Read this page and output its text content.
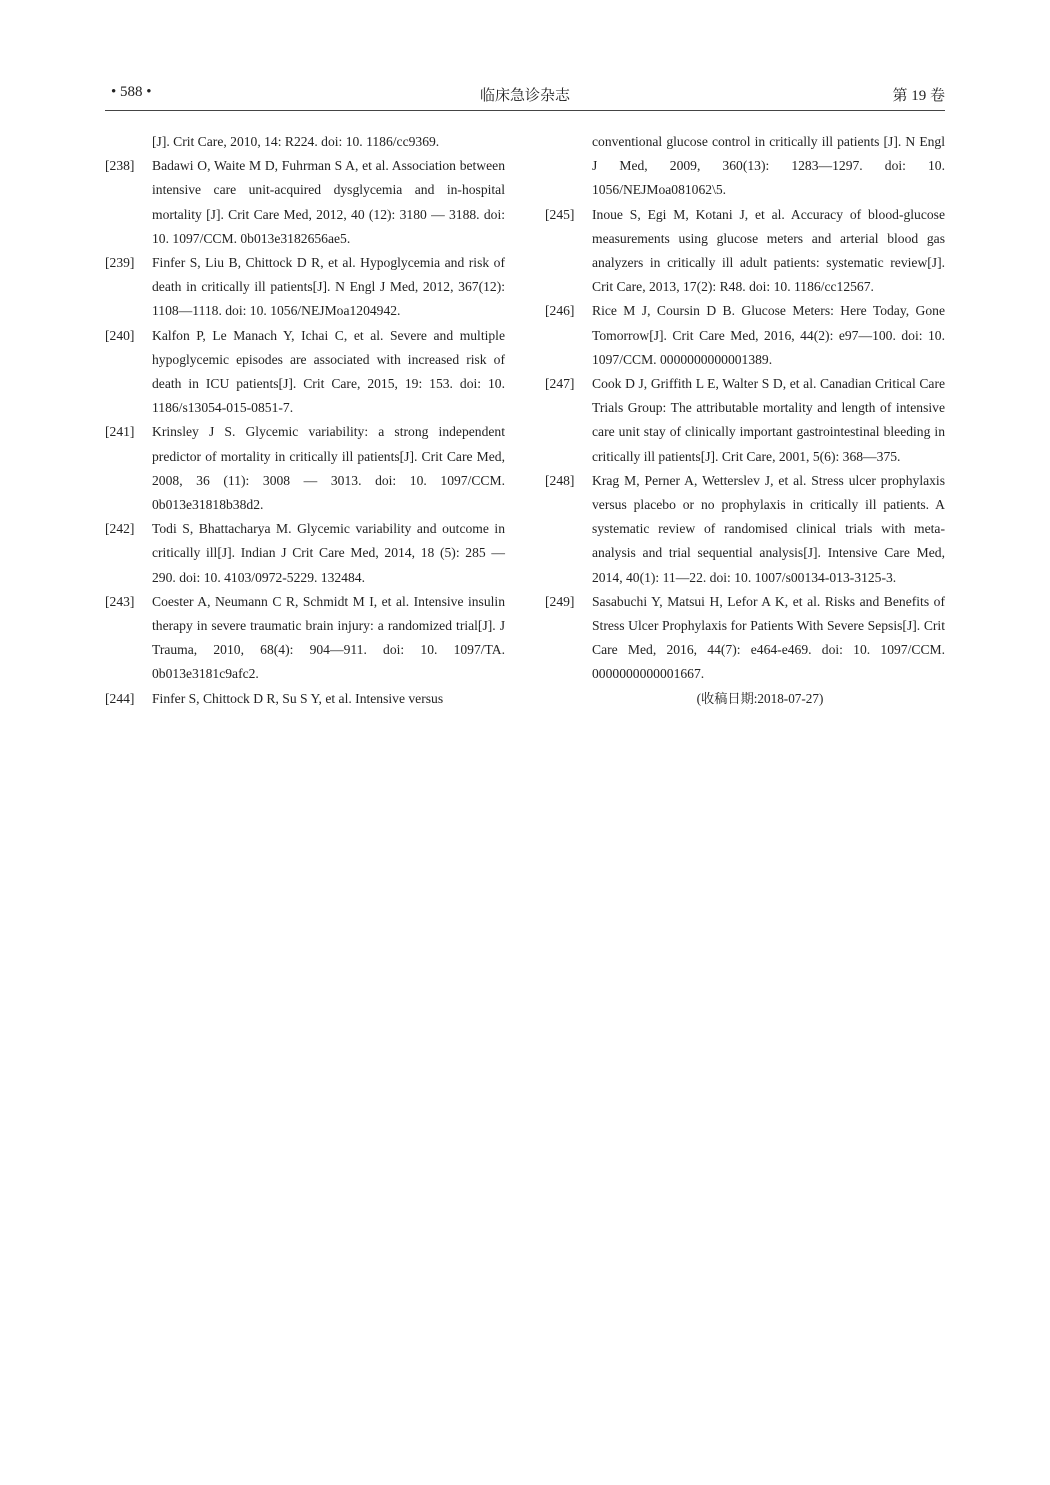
• 588 •	临床急诊杂志	第 19 卷
[J]. Crit Care, 2010, 14: R224. doi: 10. 1186/cc9369.
[238] Badawi O, Waite M D, Fuhrman S A, et al. Association between intensive care unit-acquired dysglycemia and in-hospital mortality [J]. Crit Care Med, 2012, 40 (12): 3180 — 3188. doi: 10. 1097/CCM. 0b013e3182656ae5.
[239] Finfer S, Liu B, Chittock D R, et al. Hypoglycemia and risk of death in critically ill patients[J]. N Engl J Med, 2012, 367(12): 1108—1118. doi: 10. 1056/NEJMoa1204942.
[240] Kalfon P, Le Manach Y, Ichai C, et al. Severe and multiple hypoglycemic episodes are associated with increased risk of death in ICU patients[J]. Crit Care, 2015, 19: 153. doi: 10. 1186/s13054-015-0851-7.
[241] Krinsley J S. Glycemic variability: a strong independent predictor of mortality in critically ill patients[J]. Crit Care Med, 2008, 36 (11): 3008 — 3013. doi: 10. 1097/CCM. 0b013e31818b38d2.
[242] Todi S, Bhattacharya M. Glycemic variability and outcome in critically ill[J]. Indian J Crit Care Med, 2014, 18 (5): 285 — 290. doi: 10. 4103/0972-5229. 132484.
[243] Coester A, Neumann C R, Schmidt M I, et al. Intensive insulin therapy in severe traumatic brain injury: a randomized trial[J]. J Trauma, 2010, 68(4): 904—911. doi: 10. 1097/TA. 0b013e3181c9afc2.
[244] Finfer S, Chittock D R, Su S Y, et al. Intensive versus
conventional glucose control in critically ill patients [J]. N Engl J Med, 2009, 360(13): 1283—1297. doi: 10. 1056/NEJMoa081062\5.
[245] Inoue S, Egi M, Kotani J, et al. Accuracy of blood-glucose measurements using glucose meters and arterial blood gas analyzers in critically ill adult patients: systematic review[J]. Crit Care, 2013, 17(2): R48. doi: 10. 1186/cc12567.
[246] Rice M J, Coursin D B. Glucose Meters: Here Today, Gone Tomorrow[J]. Crit Care Med, 2016, 44(2): e97—100. doi: 10. 1097/CCM. 0000000000001389.
[247] Cook D J, Griffith L E, Walter S D, et al. Canadian Critical Care Trials Group: The attributable mortality and length of intensive care unit stay of clinically important gastrointestinal bleeding in critically ill patients[J]. Crit Care, 2001, 5(6): 368—375.
[248] Krag M, Perner A, Wetterslev J, et al. Stress ulcer prophylaxis versus placebo or no prophylaxis in critically ill patients. A systematic review of randomised clinical trials with meta-analysis and trial sequential analysis[J]. Intensive Care Med, 2014, 40(1): 11—22. doi: 10. 1007/s00134-013-3125-3.
[249] Sasabuchi Y, Matsui H, Lefor A K, et al. Risks and Benefits of Stress Ulcer Prophylaxis for Patients With Severe Sepsis[J]. Crit Care Med, 2016, 44(7): e464-e469. doi: 10. 1097/CCM. 0000000000001667.
(收稿日期:2018-07-27)
